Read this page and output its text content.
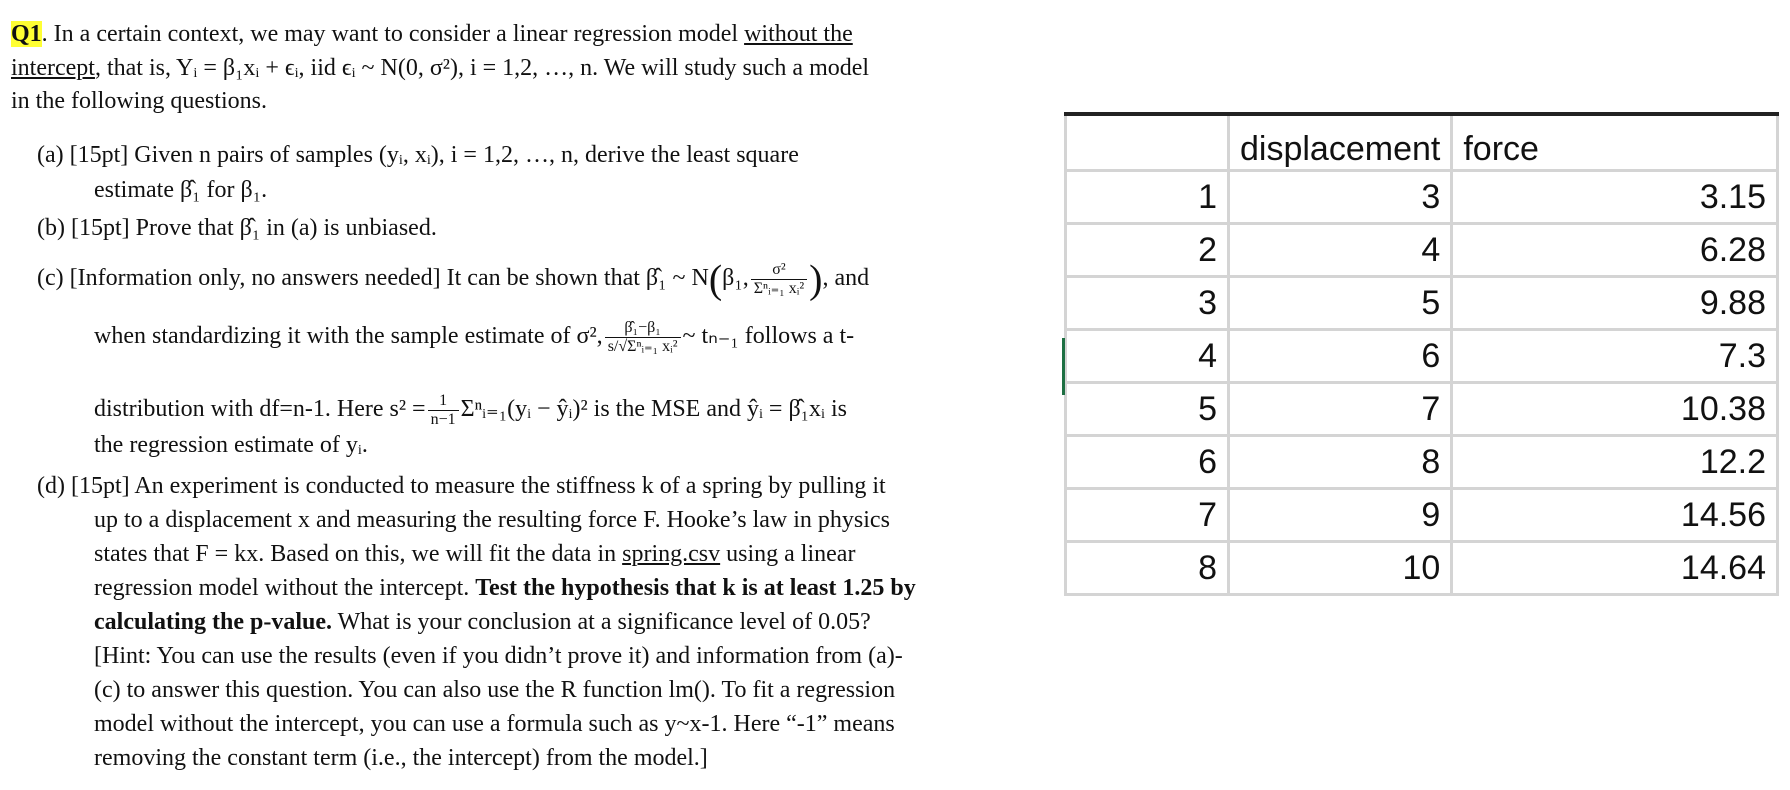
Q1. In a certain context, we may want to consider a linear regression model without the
intercept, that is, Yᵢ = β₁xᵢ + ϵᵢ, iid ϵᵢ ~ N(0, σ²), i = 1,2, …, n. We will study such a model
in the following questions.
(a) [15pt] Given n pairs of samples (yᵢ, xᵢ), i = 1,2, …, n, derive the least square
estimate β̂₁ for β₁.
(b) [15pt] Prove that β̂₁ in (a) is unbiased.
(c) [Information only, no answers needed] It can be shown that β̂₁ ~ N(β₁, $\frac{\text{σ²}}{\text{Σⁿᵢ₌₁ xᵢ²}}$ ), and
when standardizing it with the sample estimate of σ², $\frac{\text{β̂₁−β₁}}{\text{s/√Σⁿᵢ₌₁ xᵢ²}}$ ~ tₙ₋₁ follows a t-
distribution with df=n-1. Here $s^2 = \frac{1}{n-1}$ Σⁿᵢ₌₁(yᵢ − ŷᵢ)² is the MSE and ŷᵢ = β̂₁xᵢ is
the regression estimate of yᵢ.
(d) [15pt] An experiment is conducted to measure the stiffness k of a spring by pulling it
up to a displacement x and measuring the resulting force F. Hooke’s law in physics
states that F = kx. Based on this, we will fit the data in spring.csv using a linear
regression model without the intercept. Test the hypothesis that k is at least 1.25 by
calculating the p-value. What is your conclusion at a significance level of 0.05?
[Hint: You can use the results (even if you didn’t prove it) and information from (a)-
(c) to answer this question. You can also use the R function lm(). To fit a regression
model without the intercept, you can use a formula such as y~x-1. Here “-1” means
removing the constant term (i.e., the intercept) from the model.]
	displacement	force
1	3	3.15
2	4	6.28
3	5	9.88
4	6	7.3
5	7	10.38
6	8	12.2
7	9	14.56
8	10	14.64
